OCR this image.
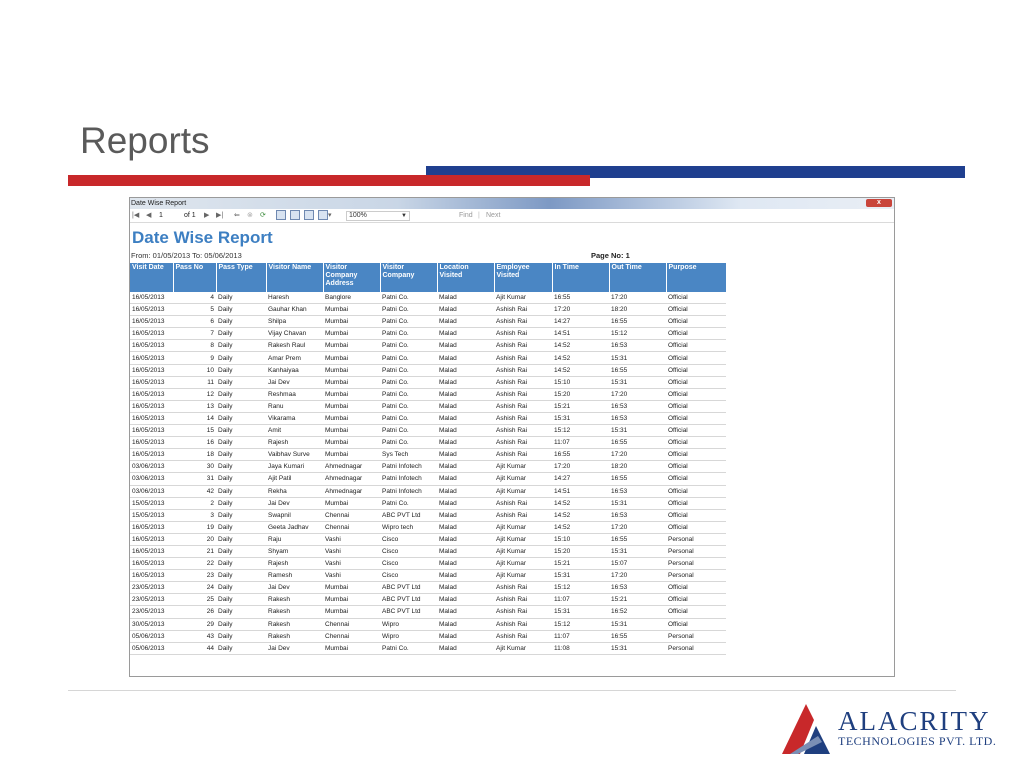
Reports
Date Wise Report	x
|◀ ◀ 1	of 1 ▶ ▶| ⇐ ⊗ ⟳	▾	100%	▼	Find | Next
Date Wise Report
From: 01/05/2013 To: 05/06/2013	Page No: 1
Visit Date	Pass No	Pass Type	Visitor Name	Visitor Company Address	Visitor Company	Location Visited	Employee Visited	In Time	Out Time	Purpose
16/05/2013	4	Daily	Haresh	Banglore	Patni Co.	Malad	Ajit Kumar	16:55	17:20	Official
16/05/2013	5	Daily	Gauhar Khan	Mumbai	Patni Co.	Malad	Ashish Rai	17:20	18:20	Official
16/05/2013	6	Daily	Shilpa	Mumbai	Patni Co.	Malad	Ashish Rai	14:27	16:55	Official
16/05/2013	7	Daily	Vijay Chavan	Mumbai	Patni Co.	Malad	Ashish Rai	14:51	15:12	Official
16/05/2013	8	Daily	Rakesh Raul	Mumbai	Patni Co.	Malad	Ashish Rai	14:52	16:53	Official
16/05/2013	9	Daily	Amar Prem	Mumbai	Patni Co.	Malad	Ashish Rai	14:52	15:31	Official
16/05/2013	10	Daily	Kanhaiyaa	Mumbai	Patni Co.	Malad	Ashish Rai	14:52	16:55	Official
16/05/2013	11	Daily	Jai Dev	Mumbai	Patni Co.	Malad	Ashish Rai	15:10	15:31	Official
16/05/2013	12	Daily	Reshmaa	Mumbai	Patni Co.	Malad	Ashish Rai	15:20	17:20	Official
16/05/2013	13	Daily	Ranu	Mumbai	Patni Co.	Malad	Ashish Rai	15:21	16:53	Official
16/05/2013	14	Daily	Vikarama	Mumbai	Patni Co.	Malad	Ashish Rai	15:31	16:53	Official
16/05/2013	15	Daily	Amit	Mumbai	Patni Co.	Malad	Ashish Rai	15:12	15:31	Official
16/05/2013	16	Daily	Rajesh	Mumbai	Patni Co.	Malad	Ashish Rai	11:07	16:55	Official
16/05/2013	18	Daily	Vaibhav Surve	Mumbai	Sys Tech	Malad	Ashish Rai	16:55	17:20	Official
03/06/2013	30	Daily	Jaya Kumari	Ahmednagar	Patni Infotech	Malad	Ajit Kumar	17:20	18:20	Official
03/06/2013	31	Daily	Ajit Patil	Ahmednagar	Patni Infotech	Malad	Ajit Kumar	14:27	16:55	Official
03/06/2013	42	Daily	Rekha	Ahmednagar	Patni Infotech	Malad	Ajit Kumar	14:51	16:53	Official
15/05/2013	2	Daily	Jai Dev	Mumbai	Patni Co.	Malad	Ashish Rai	14:52	15:31	Official
15/05/2013	3	Daily	Swapnil	Chennai	ABC PVT Ltd	Malad	Ashish Rai	14:52	16:53	Official
16/05/2013	19	Daily	Geeta Jadhav	Chennai	Wipro tech	Malad	Ajit Kumar	14:52	17:20	Official
16/05/2013	20	Daily	Raju	Vashi	Cisco	Malad	Ajit Kumar	15:10	16:55	Personal
16/05/2013	21	Daily	Shyam	Vashi	Cisco	Malad	Ajit Kumar	15:20	15:31	Personal
16/05/2013	22	Daily	Rajesh	Vashi	Cisco	Malad	Ajit Kumar	15:21	15:07	Personal
16/05/2013	23	Daily	Ramesh	Vashi	Cisco	Malad	Ajit Kumar	15:31	17:20	Personal
23/05/2013	24	Daily	Jai Dev	Mumbai	ABC PVT Ltd	Malad	Ashish Rai	15:12	16:53	Official
23/05/2013	25	Daily	Rakesh	Mumbai	ABC PVT Ltd	Malad	Ashish Rai	11:07	15:21	Official
23/05/2013	26	Daily	Rakesh	Mumbai	ABC PVT Ltd	Malad	Ashish Rai	15:31	16:52	Official
30/05/2013	29	Daily	Rakesh	Chennai	Wipro	Malad	Ashish Rai	15:12	15:31	Official
05/06/2013	43	Daily	Rakesh	Chennai	Wipro	Malad	Ashish Rai	11:07	16:55	Personal
05/06/2013	44	Daily	Jai Dev	Mumbai	Patni Co.	Malad	Ajit Kumar	11:08	15:31	Personal
ALACRITY
TECHNOLOGIES PVT. LTD.
